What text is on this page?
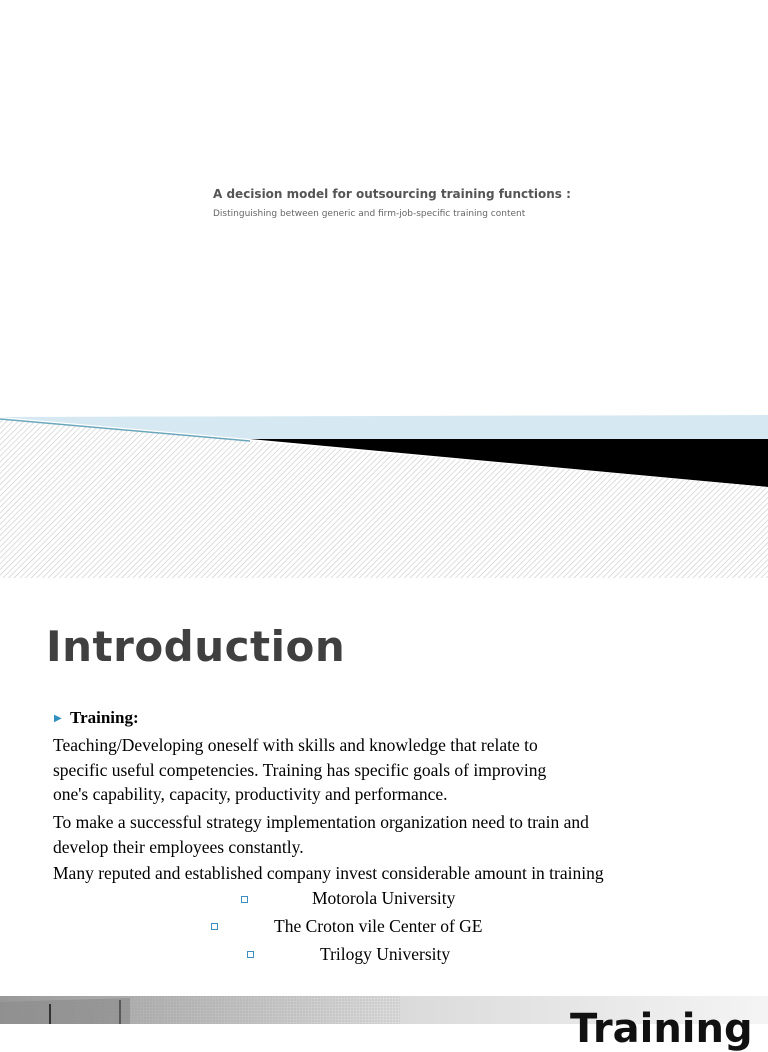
A decision model for outsourcing training functions :
Distinguishing between generic and firm-job-specific training content
Introduction
▶ Training:
Teaching/Developing oneself with skills and knowledge that relate to
specific useful competencies. Training has specific goals of improving
one's capability, capacity, productivity and performance.
To make a successful strategy implementation organization need to train and
develop their employees constantly.
Many reputed and established company invest considerable amount in training
Motorola University
The Croton vile Center of GE
Trilogy University
Training
